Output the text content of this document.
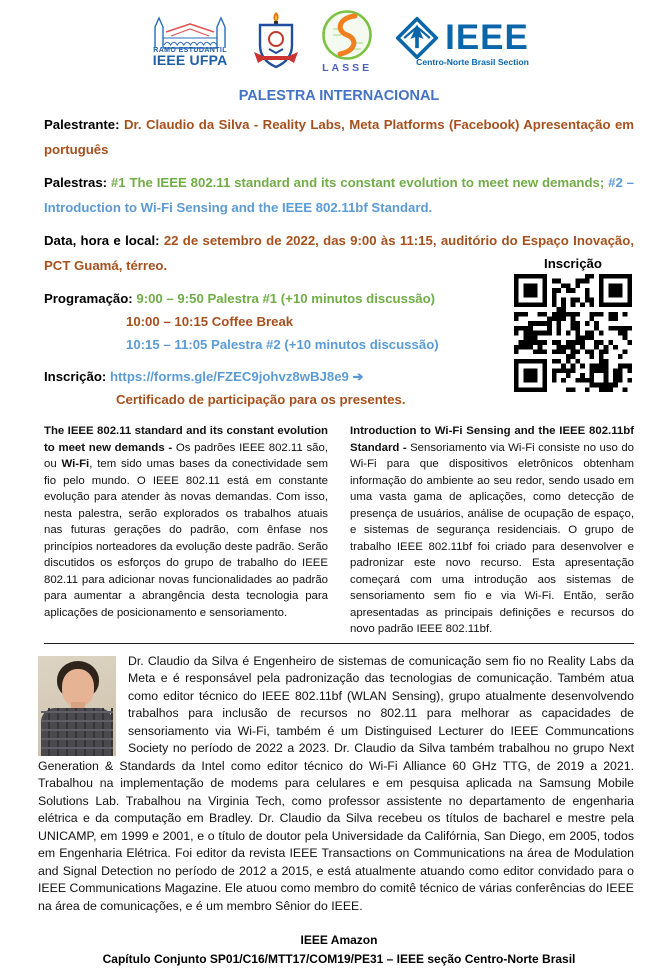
RAMO ESTUDANTIL
IEEE UFPA	LASSE
IEEE
Centro-Norte Brasil Section
PALESTRA INTERNACIONAL

Palestrante: Dr. Claudio da Silva - Reality Labs, Meta Platforms (Facebook) Apresentação em português

Palestras: #1 The IEEE 802.11 standard and its constant evolution to meet new demands; #2 – Introduction to Wi-Fi Sensing and the IEEE 802.11bf Standard.

Data, hora e local: 22 de setembro de 2022, das 9:00 às 11:15, auditório do Espaço Inovação, PCT Guamá, térreo.

Programação: 9:00 – 9:50 Palestra #1 (+10 minutos discussão)
10:00 – 10:15 Coffee Break
10:15 – 11:05 Palestra #2 (+10 minutos discussão)

Inscrição: https://forms.gle/FZEC9johvz8wBJ8e9 ➔
Certificado de participação para os presentes.

Inscrição
The IEEE 802.11 standard and its constant evolution to meet new demands - Os padrões IEEE 802.11 são, ou Wi-Fi, tem sido umas bases da conectividade sem fio pelo mundo. O IEEE 802.11 está em constante evolução para atender às novas demandas. Com isso, nesta palestra, serão explorados os trabalhos atuais nas futuras gerações do padrão, com ênfase nos princípios norteadores da evolução deste padrão. Serão discutidos os esforços do grupo de trabalho do IEEE 802.11 para adicionar novas funcionalidades ao padrão para aumentar a abrangência desta tecnologia para aplicações de posicionamento e sensoriamento.
Introduction to Wi-Fi Sensing and the IEEE 802.11bf Standard - Sensoriamento via Wi-Fi consiste no uso do Wi-Fi para que dispositivos eletrônicos obtenham informação do ambiente ao seu redor, sendo usado em uma vasta gama de aplicações, como detecção de presença de usuários, análise de ocupação de espaço, e sistemas de segurança residenciais. O grupo de trabalho IEEE 802.11bf foi criado para desenvolver e padronizar este novo recurso. Esta apresentação começará com uma introdução aos sistemas de sensoriamento sem fio e via Wi-Fi. Então, serão apresentadas as principais definições e recursos do novo padrão IEEE 802.11bf.
Dr. Claudio da Silva é Engenheiro de sistemas de comunicação sem fio no Reality Labs da Meta e é responsável pela padronização das tecnologias de comunicação. Também atua como editor técnico do IEEE 802.11bf (WLAN Sensing), grupo atualmente desenvolvendo trabalhos para inclusão de recursos no 802.11 para melhorar as capacidades de sensoriamento via Wi-Fi, também é um Distinguised Lecturer do IEEE Communcations Society no período de 2022 a 2023. Dr. Claudio da Silva também trabalhou no grupo Next Generation & Standards da Intel como editor técnico do Wi-Fi Alliance 60 GHz TTG, de 2019 a 2021. Trabalhou na implementação de modems para celulares e em pesquisa aplicada na Samsung Mobile Solutions Lab. Trabalhou na Virginia Tech, como professor assistente no departamento de engenharia elétrica e da computação em Bradley. Dr. Claudio da Silva recebeu os títulos de bacharel e mestre pela UNICAMP, em 1999 e 2001, e o título de doutor pela Universidade da Califórnia, San Diego, em 2005, todos em Engenharia Elétrica. Foi editor da revista IEEE Transactions on Communications na área de Modulation and Signal Detection no período de 2012 a 2015, e está atualmente atuando como editor convidado para o IEEE Communications Magazine. Ele atuou como membro do comitê técnico de várias conferências do IEEE na área de comunicações, e é um membro Sênior do IEEE.
IEEE Amazon
Capítulo Conjunto SP01/C16/MTT17/COM19/PE31 – IEEE seção Centro-Norte Brasil
